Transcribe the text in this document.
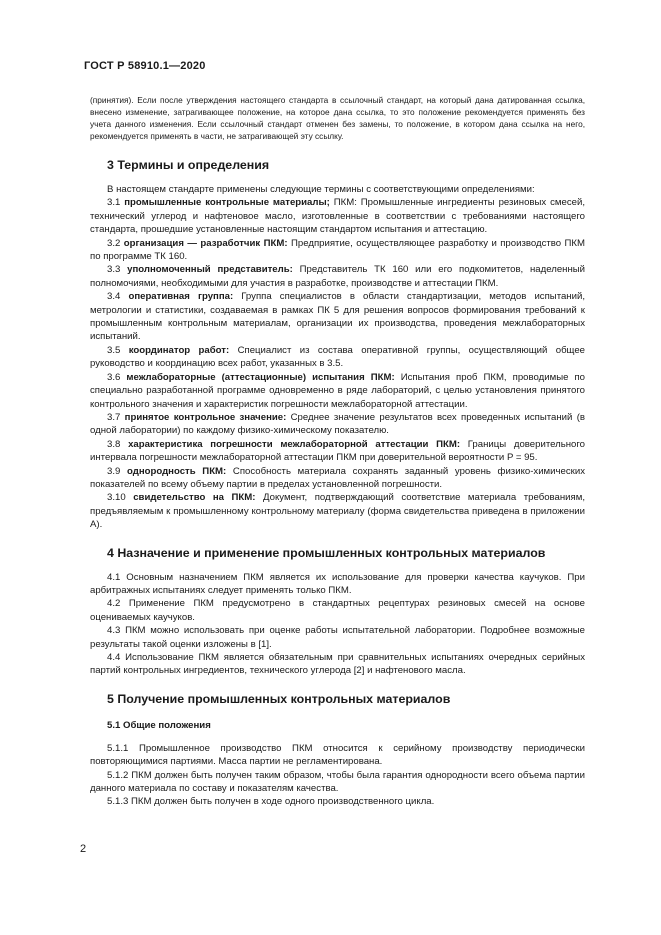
ГОСТ Р 58910.1—2020

(принятия). Если после утверждения настоящего стандарта в ссылочный стандарт, на который дана датированная ссылка, внесено изменение, затрагивающее положение, на которое дана ссылка, то это положение рекомендуется применять без учета данного изменения. Если ссылочный стандарт отменен без замены, то положение, в котором дана ссылка на него, рекомендуется применять в части, не затрагивающей эту ссылку.

3 Термины и определения

В настоящем стандарте применены следующие термины с соответствующими определениями:

3.1 промышленные контрольные материалы; ПКМ: Промышленные ингредиенты резиновых смесей, технический углерод и нафтеновое масло, изготовленные в соответствии с требованиями настоящего стандарта, прошедшие установленные настоящим стандартом испытания и аттестацию.

3.2 организация — разработчик ПКМ: Предприятие, осуществляющее разработку и производство ПКМ по программе ТК 160.

3.3 уполномоченный представитель: Представитель ТК 160 или его подкомитетов, наделенный полномочиями, необходимыми для участия в разработке, производстве и аттестации ПКМ.

3.4 оперативная группа: Группа специалистов в области стандартизации, методов испытаний, метрологии и статистики, создаваемая в рамках ПК 5 для решения вопросов формирования требований к промышленным контрольным материалам, организации их производства, проведения межлабораторных испытаний.

3.5 координатор работ: Специалист из состава оперативной группы, осуществляющий общее руководство и координацию всех работ, указанных в 3.5.

3.6 межлабораторные (аттестационные) испытания ПКМ: Испытания проб ПКМ, проводимые по специально разработанной программе одновременно в ряде лабораторий, с целью установления принятого контрольного значения и характеристик погрешности межлабораторной аттестации.

3.7 принятое контрольное значение: Среднее значение результатов всех проведенных испытаний (в одной лаборатории) по каждому физико-химическому показателю.

3.8 характеристика погрешности межлабораторной аттестации ПКМ: Границы доверительного интервала погрешности межлабораторной аттестации ПКМ при доверительной вероятности P = 95.

3.9 однородность ПКМ: Способность материала сохранять заданный уровень физико-химических показателей по всему объему партии в пределах установленной погрешности.

3.10 свидетельство на ПКМ: Документ, подтверждающий соответствие материала требованиям, предъявляемым к промышленному контрольному материалу (форма свидетельства приведена в приложении А).

4 Назначение и применение промышленных контрольных материалов

4.1 Основным назначением ПКМ является их использование для проверки качества каучуков. При арбитражных испытаниях следует применять только ПКМ.

4.2 Применение ПКМ предусмотрено в стандартных рецептурах резиновых смесей на основе оцениваемых каучуков.

4.3 ПКМ можно использовать при оценке работы испытательной лаборатории. Подробнее возможные результаты такой оценки изложены в [1].

4.4 Использование ПКМ является обязательным при сравнительных испытаниях очередных серийных партий контрольных ингредиентов, технического углерода [2] и нафтенового масла.

5 Получение промышленных контрольных материалов
5.1 Общие положения

5.1.1 Промышленное производство ПКМ относится к серийному производству периодически повторяющимися партиями. Масса партии не регламентирована.

5.1.2 ПКМ должен быть получен таким образом, чтобы была гарантия однородности всего объема партии данного материала по составу и показателям качества.

5.1.3 ПКМ должен быть получен в ходе одного производственного цикла.

2
